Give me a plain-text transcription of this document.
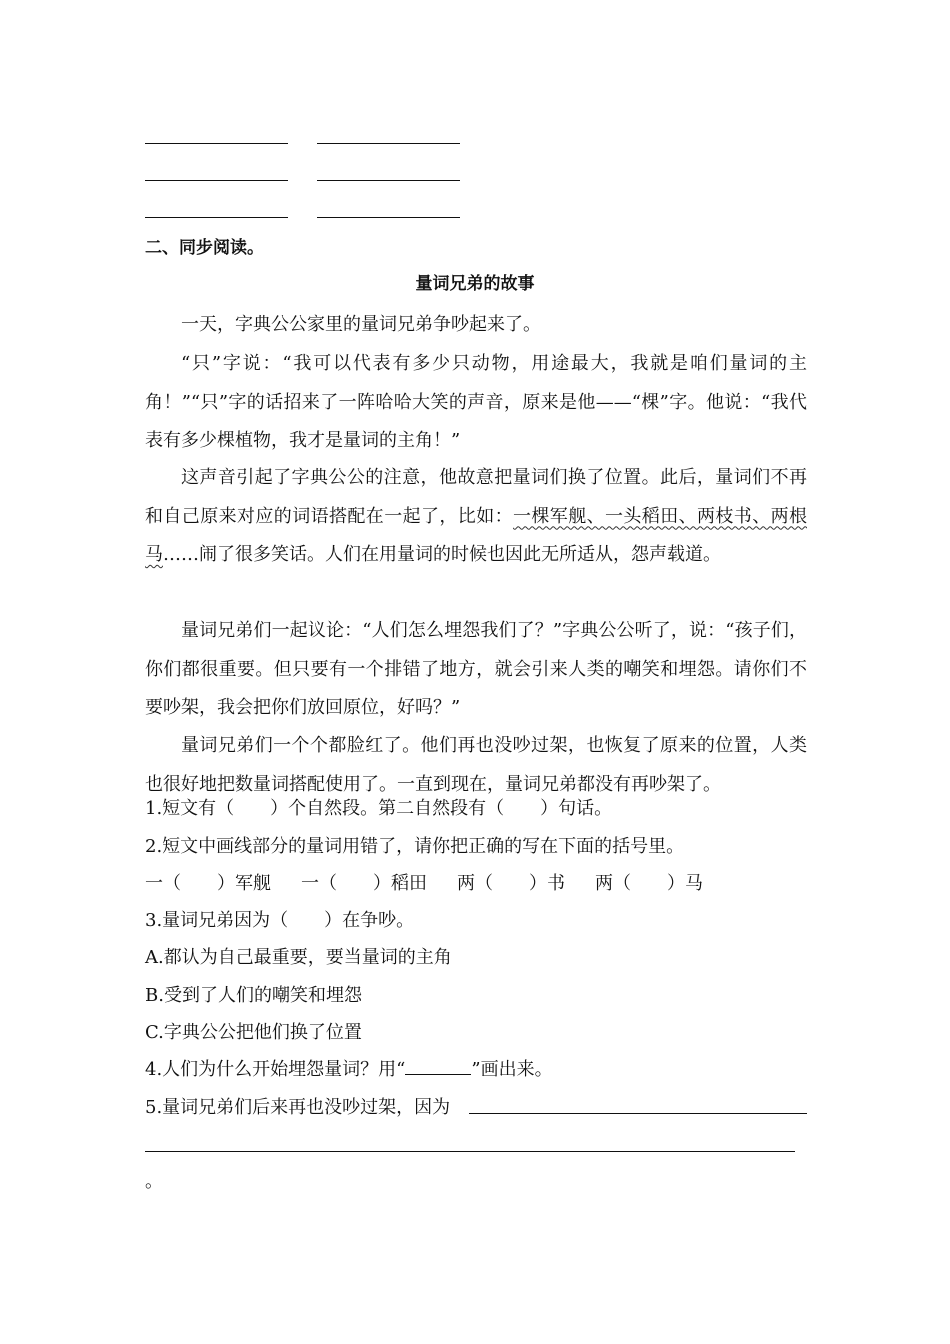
二、同步阅读。
量词兄弟的故事
一天，字典公公家里的量词兄弟争吵起来了。
“只”字说：“我可以代表有多少只动物，用途最大，我就是咱们量词的主角！”“只”字的话招来了一阵哈哈大笑的声音，原来是他——“棵”字。他说：“我代表有多少棵植物，我才是量词的主角！”
这声音引起了字典公公的注意，他故意把量词们换了位置。此后，量词们不再和自己原来对应的词语搭配在一起了，比如：一棵军舰、一头稻田、两枝书、两根马……闹了很多笑话。人们在用量词的时候也因此无所适从，怨声载道。
量词兄弟们一起议论：“人们怎么埋怨我们了？”字典公公听了，说：“孩子们，你们都很重要。但只要有一个排错了地方，就会引来人类的嘲笑和埋怨。请你们不要吵架，我会把你们放回原位，好吗？”
量词兄弟们一个个都脸红了。他们再也没吵过架，也恢复了原来的位置，人类也很好地把数量词搭配使用了。一直到现在，量词兄弟都没有再吵架了。
1.短文有（　　）个自然段。第二自然段有（　　）句话。
2.短文中画线部分的量词用错了，请你把正确的写在下面的括号里。
一（　　）军舰 一（　　）稻田 两（　　）书 两（　　）马
3.量词兄弟因为（　　）在争吵。
A.都认为自己最重要，要当量词的主角
B.受到了人们的嘲笑和埋怨
C.字典公公把他们换了位置
4.人们为什么开始埋怨量词？用“	”画出来。
5.量词兄弟们后来再也没吵过架，因为
。
